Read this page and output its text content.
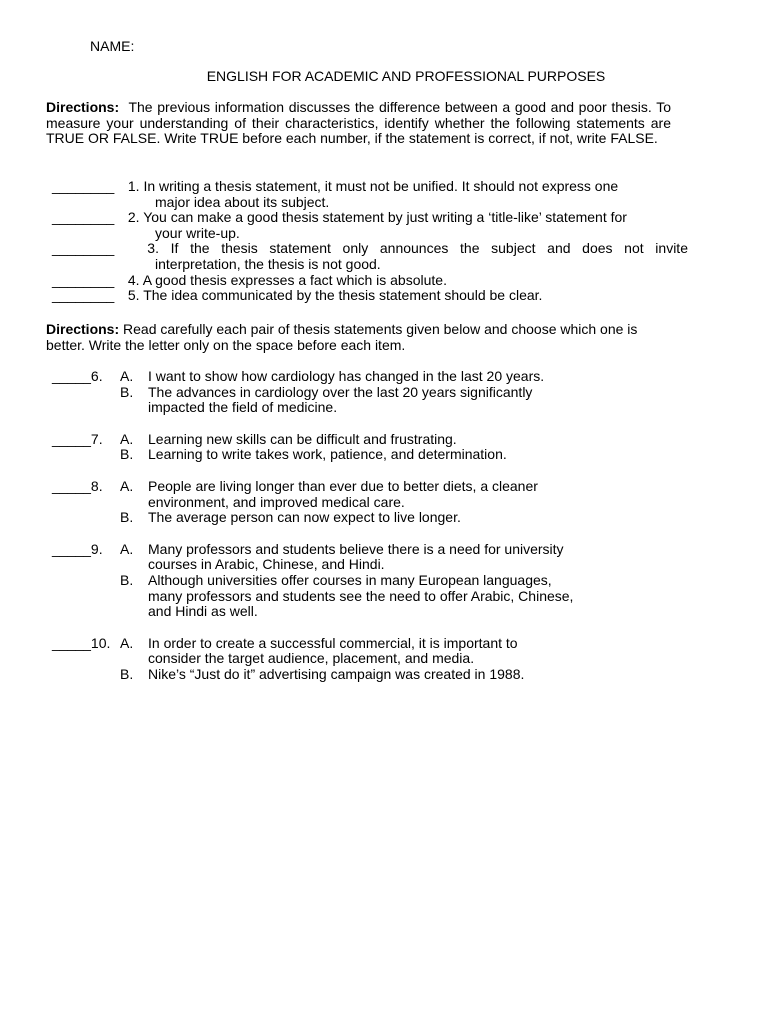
NAME:
ENGLISH FOR ACADEMIC AND PROFESSIONAL PURPOSES
Directions: The previous information discusses the difference between a good and poor thesis. To measure your understanding of their characteristics, identify whether the following statements are TRUE OR FALSE. Write TRUE before each number, if the statement is correct, if not, write FALSE.
________ 1. In writing a thesis statement, it must not be unified. It should not express one
major idea about its subject.
________ 2. You can make a good thesis statement by just writing a ‘title-like’ statement for
your write-up.
________ 3. If the thesis statement only announces the subject and does not invite
interpretation, the thesis is not good.
________ 4. A good thesis expresses a fact which is absolute.
________ 5. The idea communicated by the thesis statement should be clear.
Directions: Read carefully each pair of thesis statements given below and choose which one is better. Write the letter only on the space before each item.
_____6.	A.	I want to show how cardiology has changed in the last 20 years.
B.	The advances in cardiology over the last 20 years significantly impacted the field of medicine.
_____7.	A.	Learning new skills can be difficult and frustrating.
B.	Learning to write takes work, patience, and determination.
_____8.	A.	People are living longer than ever due to better diets, a cleaner environment, and improved medical care.
B.	The average person can now expect to live longer.
_____9.	A.	Many professors and students believe there is a need for university courses in Arabic, Chinese, and Hindi.
B.	Although universities offer courses in many European languages, many professors and students see the need to offer Arabic, Chinese, and Hindi as well.
_____10. A.	In order to create a successful commercial, it is important to consider the target audience, placement, and media.
B.	Nike’s “Just do it” advertising campaign was created in 1988.
